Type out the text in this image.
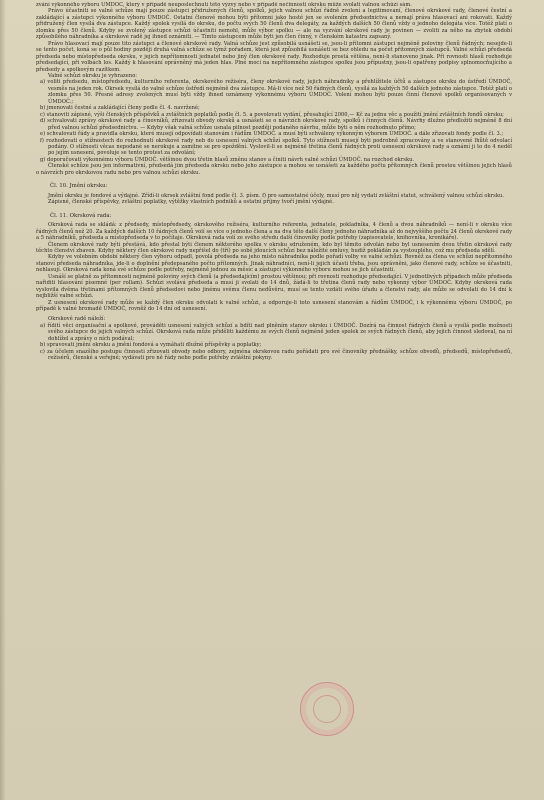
zvání výkonného výboru ÚMDOČ, který v případě neuposlechnutí této výzvy nebo v případě nečinnosti okrsku může svolati valnou schůzi sám.

Právo účastniti se valné schůze mají pouze zástupci přidružených členů, spolků, jejich valnou schůzí řádně zvolení a legitimovaní, členové okrskové rady, členové čestní a zakládající a zástupci výkonného výboru ÚMDOČ. Ostatní členové mohou býti přítomni jako hosté jen se svolením předsednictva a nemají práva hlasovací ani rokovati. Každý přidružený člen vysílá dva zástupce. Každý spolek vysílá do okrsku, do počtu svých 50 členů dva delegáty, za každých dalších 50 členů vždy o jednoho delegáta více. Totéž platí o zlomku přes 50 členů. Kdyby se zvolený zástupce schůzi účastniti nemohl, může výbor spolku — ale na vyzvání okrskové rady je povinen — zvoliti za něho na zbytek období způsobilého náhradníka a okrskové radě jej ihned oznámiti. — Tímto zástupcem může býti jen člen činný, v členském katastru zapsaný.

Právo hlasovací mají pouze tito zástupci a členové okrskové rady. Valná schůze jest způsobilá usnášeti se, jsou-li přítomni zástupci nejméně poloviny členů řádných; nesejde-li se tento počet, koná se o půl hodiny později druhá valná schůze se týmž pořadem, která jest způsobilá usnášeti se bez ohledu na počet přítomných zástupců. Valné schůzi předsedá předseda nebo místopředseda okrsku, v jejich nepřítomnosti jednatel nebo jiný člen okrskové rady. Rozhoduje prostá většina, není-li stanoveno jinak. Při rovnosti hlasů rozhoduje předsedající, při volbách los. Každý k hlasování oprávněný má jeden hlas. Plné moci na nepřítomného zástupce spolku jsou přípustny, jsou-li opatřeny podpisy splnomocňujícího a předsedy a spolkovým razítkem.

Valné schůzi okrsku je vyhrazeno:

a) voliti předsedu, místopředsedu, kulturního referenta, okrskového režiséra, členy okrskové rady, jejich náhradníky a přehlížitele účtů a zástupce okrsku do ústředí ÚMDOČ, vesměs na jeden rok. Okrsek vysílá do valné schůze ústředí nejméně dva zástupce. Má-li více než 50 řádných členů, vysílá za každých 50 dalších jednoho zástupce. Totéž platí o zlomku přes 50. Přesné adresy zvolených musí býti vždy ihned oznámeny výkonnému výboru ÚMDOČ. Volení mohou býti pouze činní členové spolků organisovaných v ÚMDOČ.;

b) jmenovati čestné a zakládající členy podle čl. 4. navržené;

c) stanoviti zápisné, výši členských příspěvků a zvláštních poplatků podle čl. 5. a povolovati vydání, přesahující 2000,— Kč za jednu věc a použití jmění zvláštních fondů okrsku;

d) schvalovati zprávy okrskové rady a činovníků, zřizovati obvody okrsků a usnášeti se o návrzích okrskové rady, spolků i činných členů. Návrhy dlužno předložiti nejméně 8 dní před valnou schůzí předsednictvu. — Kdyby však valná schůze usnala pilnost později podaného návrhu, může býti o něm rozhodnuto přímo;

e) schvalovati řády a pravidla okrsku, které musejí odpovídati stanovám i řádům ÚMDOČ. a musí býti schváleny výkonným výborem ÚMDOČ. a dále zřizovati fondy podle čl. 3.;

f) rozhodovati o stížnostech do rozhodnutí okrskové rady neb do usnesení valných schůzí spolků. Tyto stížnosti musejí býti podrobně zpracovány a ve stanovené lhůtě odvolací podány. O stížnosti věcas nepodané se nerokuje a zamítne se pro opoždění. Vyslovil-li se nejméně třetina členů řádných proti usnesení okrskové rady a oznámí ji to do 4 neděl po jejím usnesení, povoluje se tento protest za odvolání;

g) doporučovati výkonnému výboru ÚMDOČ. většinou dvou třetin hlasů změnu stanov a činiti návrh valné schůzi ÚMDOČ. na rozchod okrsku.

Členské schůze jsou jen informativní, předsedá jim předseda okrsku nebo jeho zástupce a mohou se usnášeti za každého počtu přítomných členů prostou většinou jejich hlasů o návrzích pro okrskovou radu nebo pro valnou schůzi okrsku.

Čl. 10. Jmění okrsku:

Jmění okrsku je fondové a výdajné. Zřídí-li okrsek zvláštní fond podle čl. 3. písm. f) pro samostatné účely, musí pro něj vydati zvláštní statut, schválený valnou schůzí okrsku.

Zápisné, členské příspěvky, zvláštní poplatky, výtěžky vlastních podniků a ostatní příjmy tvoří jmění výdajné.

Čl. 11. Okrsková rada:

Okrsková rada se skládá: z předsedy, místopředsedy, okrskového režiséra, kulturního referenta, jednatele, pokladníka, 4 členů a dvou náhradníků — není-li v okrsku více řádných členů než 20. Za každých dalších 10 řádných členů volí se více o jednoho člena a na dva této další členy jednoho náhradníka až do nejvyššího počtu 24 členů okrskové rady a 5 náhradníků, předseda a místopředseda v to počítaje. Okrsková rada volí ze svého středu další činovníky podle potřeby (zapisovatele, knihovníka, kronikáře).

Členem okrskové rady býti přestává, kdo přestal býti členem některého spolku v okrsku sdruženém, kdo byl těmito odvolán nebo byl usnesením dvou třetin okrskové rady těchto členství zbaven. Kdyby některý člen okrskové rady nepřišel do (tří) po sobě jdoucích schůzí bez náležité omluvy, budiž pokládán za vystouplého, což mu předseda sdělí.

Kdyby ve volebním období některý člen výboru odpadl, povolá předseda na jeho místo náhradníka podle pořadí volby ve valné schůzi. Rovněž za člena ve schůzi nepřítomného stanoví předseda náhradníka, jde-li o doplnění předepsaného počtu přítomných. Jinak náhradníci, není-li jejich účasti třeba, jsou oprávněni, jako členové rady, schůze se účastniti, nehlasují. Okrsková rada koná své schůze podle potřeby, nejméně jednou za měsíc a zástupci výkonného výboru mohou se jich účastniti.

Usnáší se platně za přítomnosti nejméně poloviny svých členů (a předsedajícím) prostou většinou; při rovnosti rozhoduje předsedající. V jednotlivých případech může předseda nařiditi hlasování písemné (per rollam). Schůzi svolává předseda a musí ji svolati do 14 dnů, žádá-li to třetina členů rady nebo výkonný výbor ÚMDOČ. Kdyby okrsková rada vyslovila dvěma třetinami přítomných členů předsedovi nebo jinému svému členu nedůvěru, musí se tento vzdáti svého úřadu a členství rady, ale může se odvolati do 14 dní k nejbližší valné schůzi.

Z usnesení okrskové rady může se každý člen okrsku odvolati k valné schůzi, a odporuje-li toto usnesení stanovám a řádům ÚMDOČ, i k výkonnému výboru ÚMDOČ, po případě k valné hromadě ÚMDOČ, rovněž do 14 dní od usnesení.

Okrskové radě náleží:

a) řídití věci organisační a spolkové, prováděti usnesení valných schůzí a bdíti nad plněním stanov okrsku i ÚMDOČ. Dozírá na činnost řádných členů a vysílá podle možnosti svého zástupce do jejich valných schůzí. Okrsková rada může přiděliti každému ze svých členů nejméně jeden spolek ze svých řádných členů, aby jejich činnost sledoval, na ní dohlížel a zprávy o ních podával;

b) spravovati jmění okrsku a jmění fondová a vymáhati dlužné příspěvky a poplatky;

c) za účelem snazšího postupu činnosti zřizovati obvody nebo odbory, zejména okrskovou radu pořádati pro své činovníky přednášky, schůze obvodů, předsedů, místopředsedů, režisérů, členské a veřejné; vydávati pro ně řády nebo podle potřeby zvláštní pokyny.
